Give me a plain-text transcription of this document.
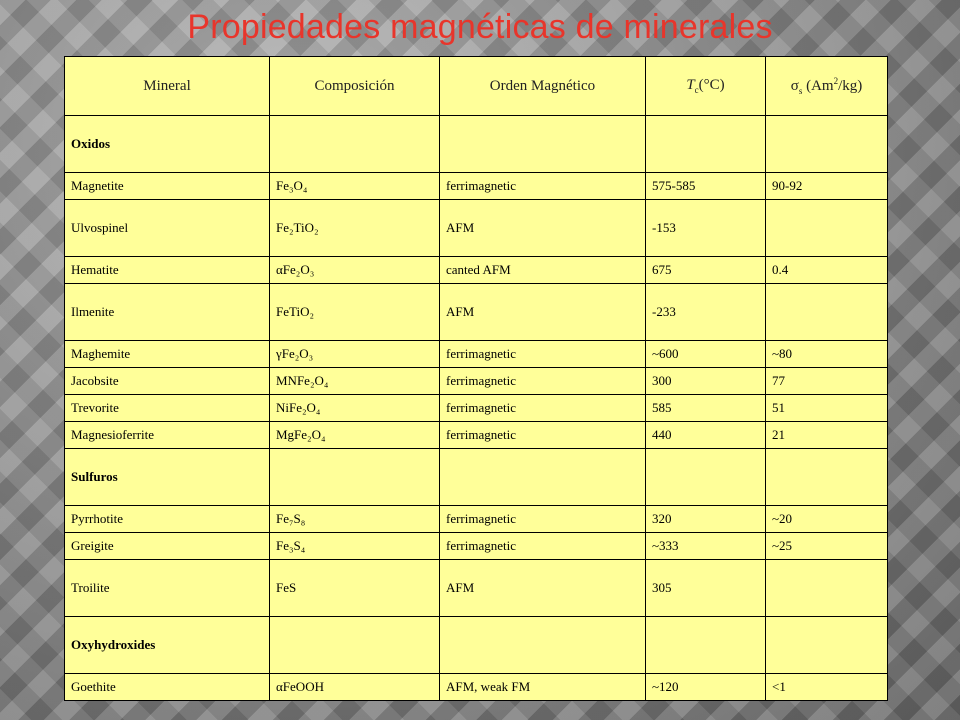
Propiedades magnéticas de minerales
Mineral	Composición	Orden Magnético	$T_c(^\circ C)$	$\sigma_s$ (Am$^2$/kg)
Oxidos				
Magnetite	Fe₃O₄	ferrimagnetic	575-585	90-92
Ulvospinel	Fe₂TiO₂	AFM	-153	
Hematite	αFe₂O₃	canted AFM	675	0.4
Ilmenite	FeTiO₂	AFM	-233	
Maghemite	γFe₂O₃	ferrimagnetic	~600	~80
Jacobsite	MNFe₂O₄	ferrimagnetic	300	77
Trevorite	NiFe₂O₄	ferrimagnetic	585	51
Magnesioferrite	MgFe₂O₄	ferrimagnetic	440	21
Sulfuros				
Pyrrhotite	Fe₇S₈	ferrimagnetic	320	~20
Greigite	Fe₃S₄	ferrimagnetic	~333	~25
Troilite	FeS	AFM	305	
Oxyhydroxides				
Goethite	αFeOOH	AFM, weak FM	~120	<1
